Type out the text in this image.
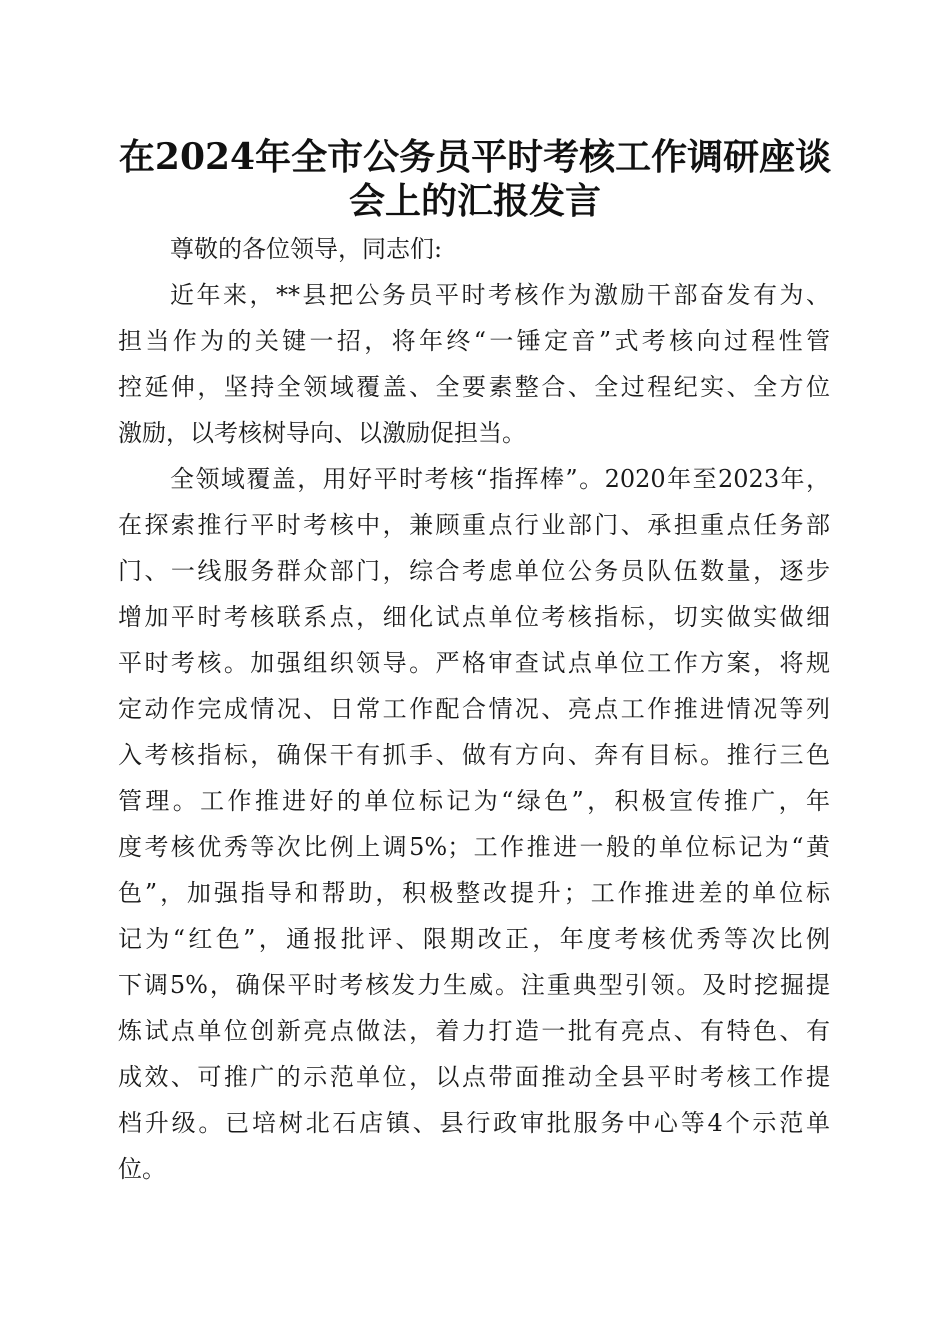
在2024年全市公务员平时考核工作调研座谈
会上的汇报发言
尊敬的各位领导，同志们:
近年来，**县把公务员平时考核作为激励干部奋发有为、
担当作为的关键一招，将年终“一锤定音”式考核向过程性管
控延伸，坚持全领域覆盖、全要素整合、全过程纪实、全方位
激励，以考核树导向、以激励促担当。
全领域覆盖，用好平时考核“指挥棒”。2020年至2023年，
在探索推行平时考核中，兼顾重点行业部门、承担重点任务部
门、一线服务群众部门，综合考虑单位公务员队伍数量，逐步
增加平时考核联系点，细化试点单位考核指标，切实做实做细
平时考核。加强组织领导。严格审查试点单位工作方案，将规
定动作完成情况、日常工作配合情况、亮点工作推进情况等列
入考核指标，确保干有抓手、做有方向、奔有目标。推行三色
管理。工作推进好的单位标记为“绿色”，积极宣传推广，年
度考核优秀等次比例上调5%；工作推进一般的单位标记为“黄
色”，加强指导和帮助，积极整改提升；工作推进差的单位标
记为“红色”，通报批评、限期改正，年度考核优秀等次比例
下调5%，确保平时考核发力生威。注重典型引领。及时挖掘提
炼试点单位创新亮点做法，着力打造一批有亮点、有特色、有
成效、可推广的示范单位，以点带面推动全县平时考核工作提
档升级。已培树北石店镇、县行政审批服务中心等4个示范单
位。
